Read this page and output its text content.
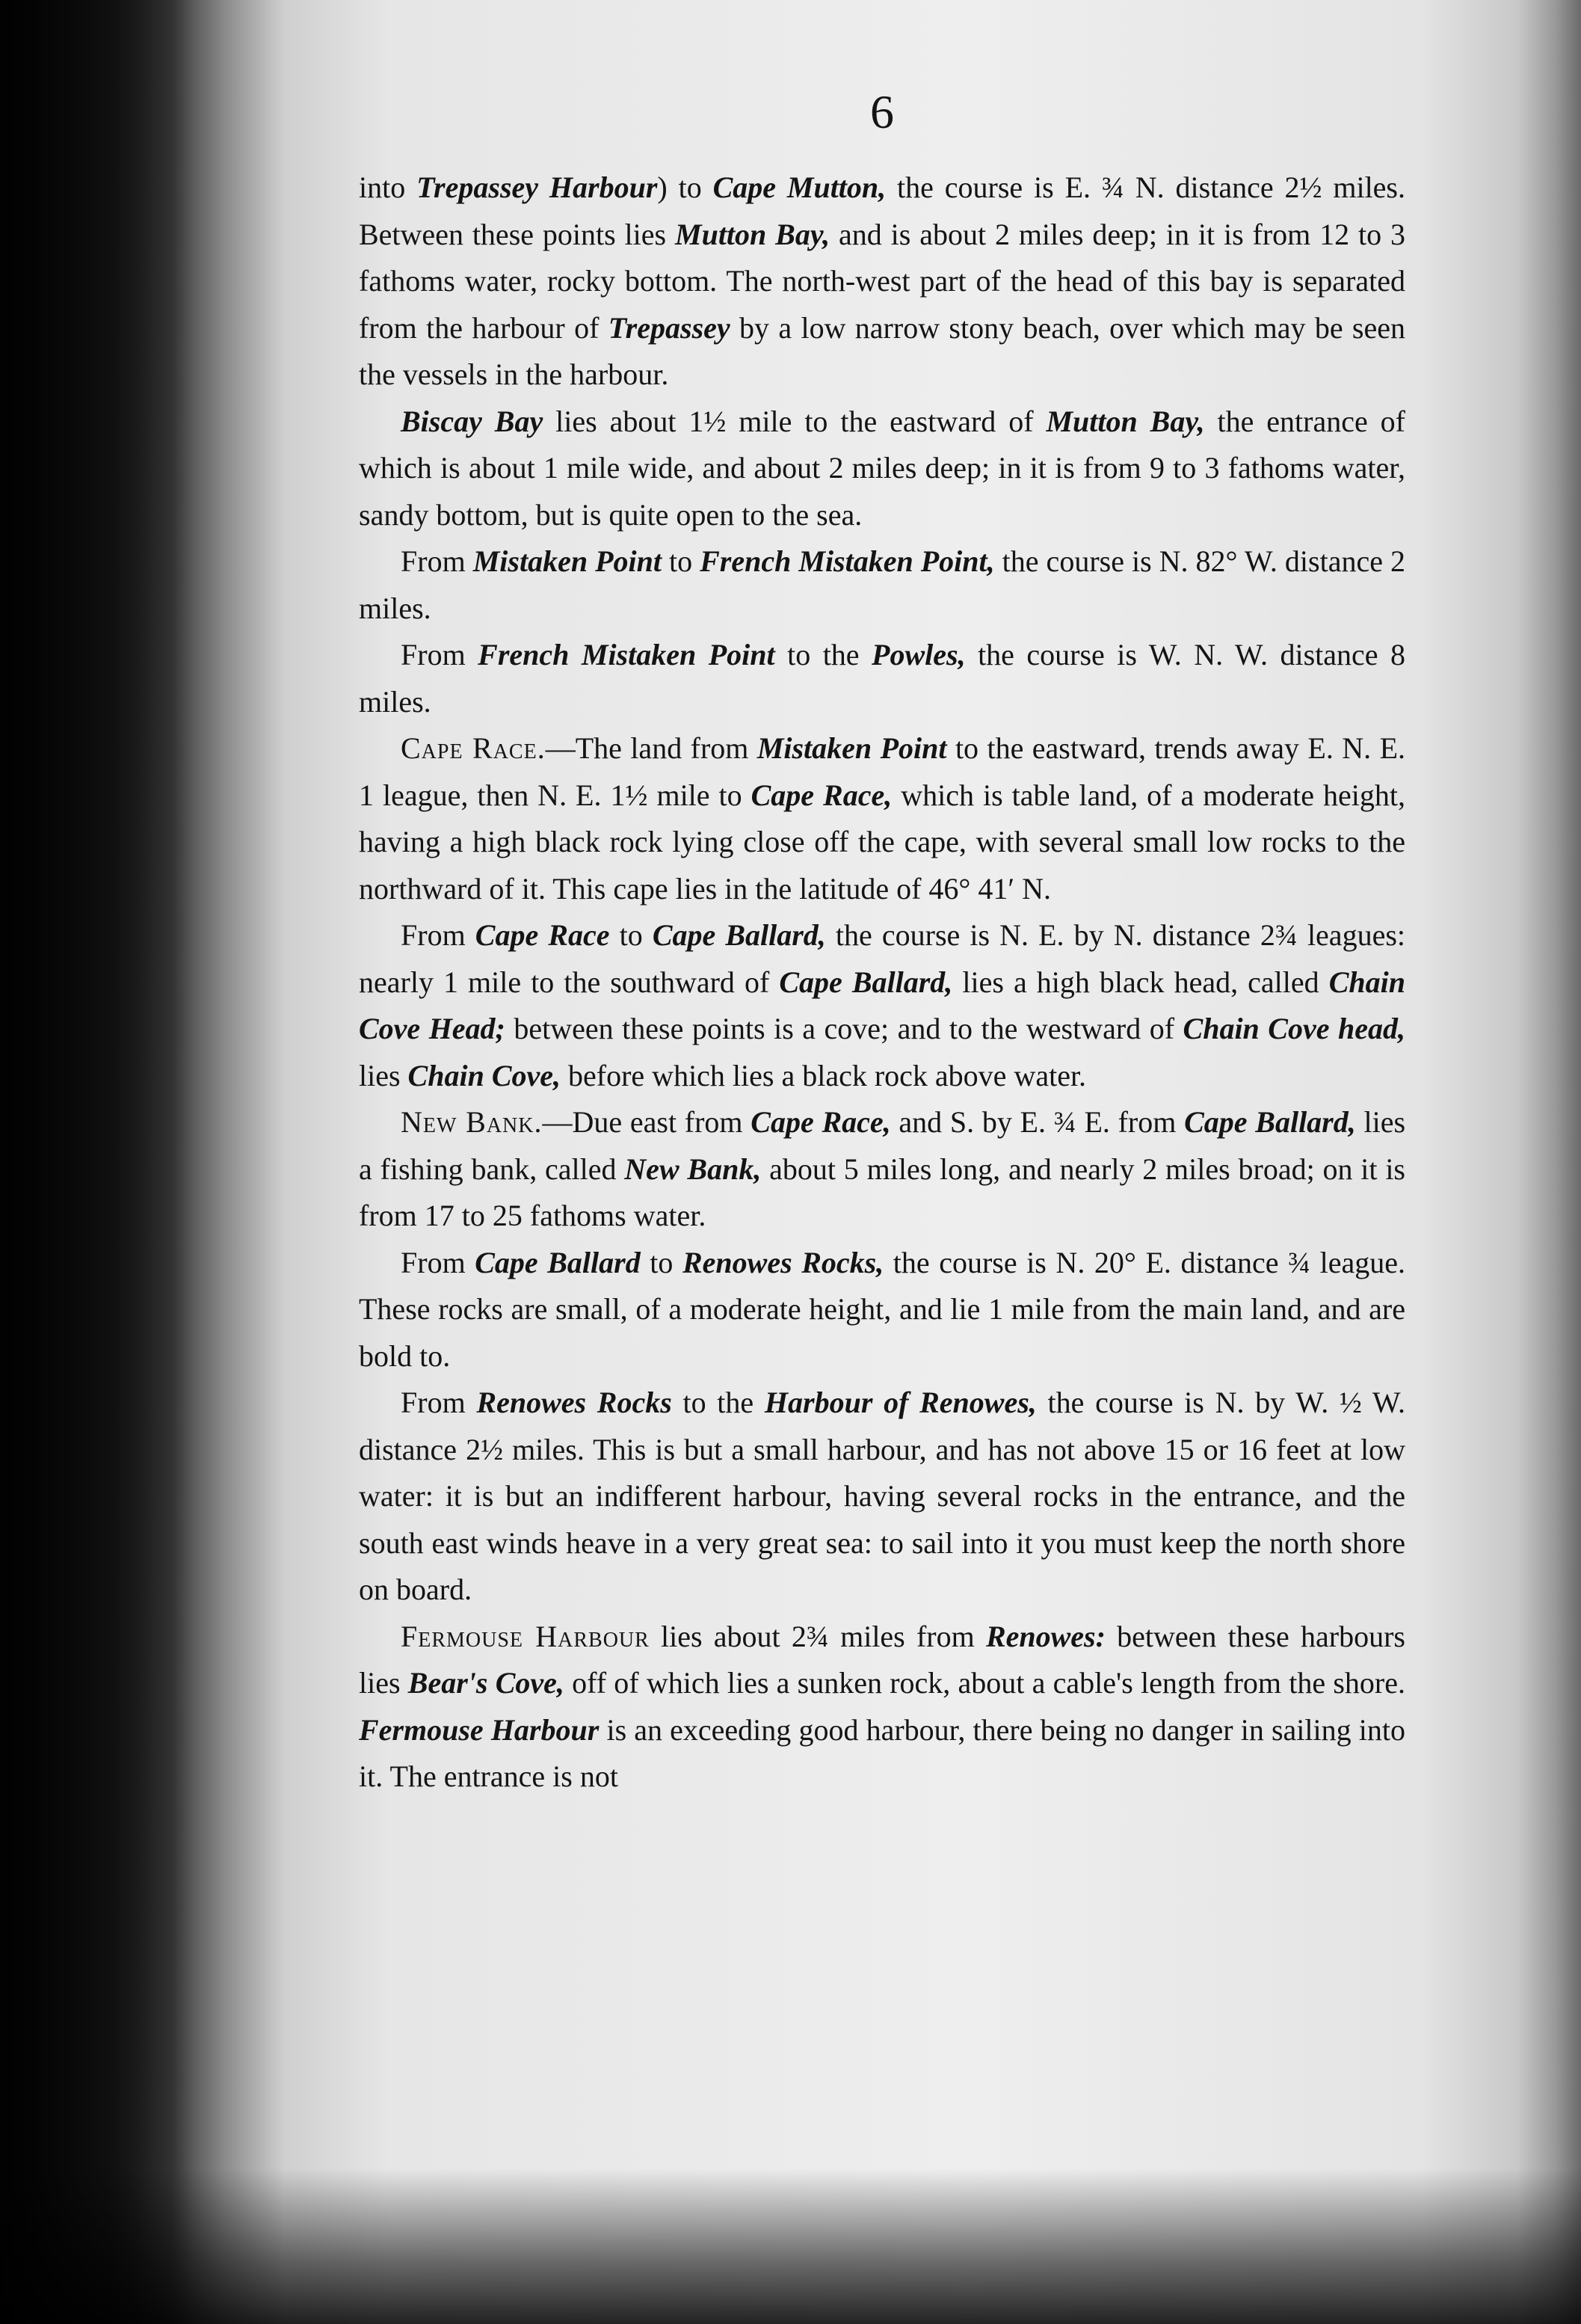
6

into Trepassey Harbour) to Cape Mutton, the course is E. ¾ N. distance 2½ miles. Between these points lies Mutton Bay, and is about 2 miles deep; in it is from 12 to 3 fathoms water, rocky bottom. The north-west part of the head of this bay is separated from the harbour of Trepassey by a low narrow stony beach, over which may be seen the vessels in the harbour.

Biscay Bay lies about 1½ mile to the eastward of Mutton Bay, the entrance of which is about 1 mile wide, and about 2 miles deep; in it is from 9 to 3 fathoms water, sandy bottom, but is quite open to the sea.

From Mistaken Point to French Mistaken Point, the course is N. 82° W. distance 2 miles.

From French Mistaken Point to the Powles, the course is W. N. W. distance 8 miles.

Cape Race.—The land from Mistaken Point to the eastward, trends away E. N. E. 1 league, then N. E. 1½ mile to Cape Race, which is table land, of a moderate height, having a high black rock lying close off the cape, with several small low rocks to the northward of it. This cape lies in the latitude of 46° 41′ N.

From Cape Race to Cape Ballard, the course is N. E. by N. distance 2¾ leagues: nearly 1 mile to the southward of Cape Ballard, lies a high black head, called Chain Cove Head; between these points is a cove; and to the westward of Chain Cove head, lies Chain Cove, before which lies a black rock above water.

New Bank.—Due east from Cape Race, and S. by E. ¾ E. from Cape Ballard, lies a fishing bank, called New Bank, about 5 miles long, and nearly 2 miles broad; on it is from 17 to 25 fathoms water.

From Cape Ballard to Renowes Rocks, the course is N. 20° E. distance ¾ league. These rocks are small, of a moderate height, and lie 1 mile from the main land, and are bold to.

From Renowes Rocks to the Harbour of Renowes, the course is N. by W. ½ W. distance 2½ miles. This is but a small harbour, and has not above 15 or 16 feet at low water: it is but an indifferent harbour, having several rocks in the entrance, and the south east winds heave in a very great sea: to sail into it you must keep the north shore on board.

Fermouse Harbour lies about 2¾ miles from Renowes: between these harbours lies Bear's Cove, off of which lies a sunken rock, about a cable's length from the shore. Fermouse Harbour is an exceeding good harbour, there being no danger in sailing into it. The entrance is not
